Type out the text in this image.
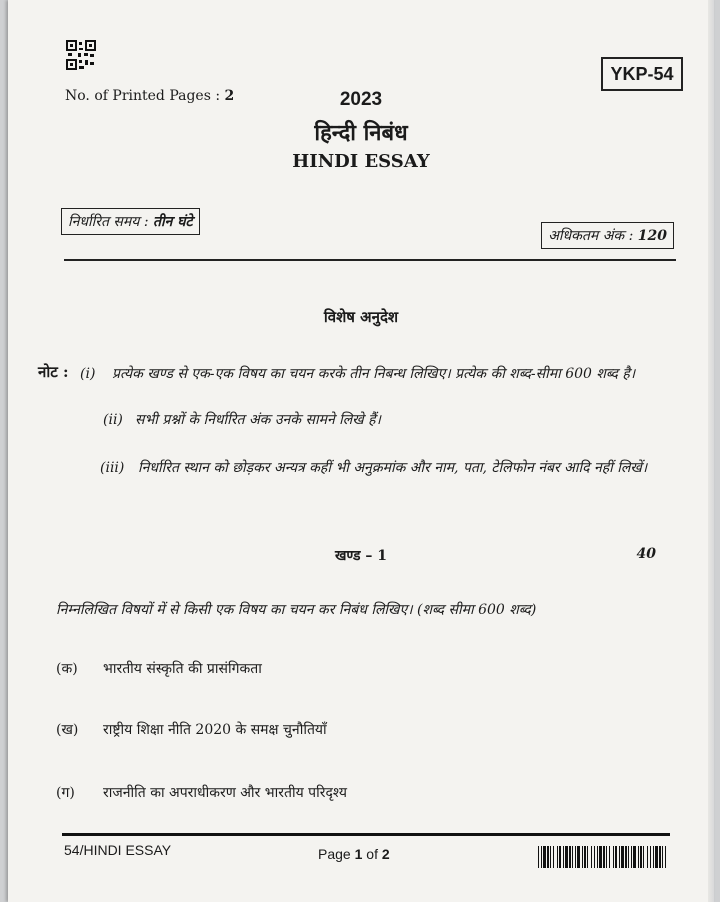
YKP-54
No. of Printed Pages : 2	2023
हिन्दी निबंध
HINDI ESSAY
निर्धारित समय : तीन घंटे
अधिकतम अंक : 120
विशेष अनुदेश
नोट : (i) प्रत्येक खण्ड से एक-एक विषय का चयन करके तीन निबन्ध लिखिए। प्रत्येक की शब्द-सीमा 600 शब्द है।
(ii) सभी प्रश्नों के निर्धारित अंक उनके सामने लिखे हैं।
(iii) निर्धारित स्थान को छोड़कर अन्यत्र कहीं भी अनुक्रमांक और नाम, पता, टेलिफोन नंबर आदि नहीं लिखें।
खण्ड – 1	40
निम्नलिखित विषयों में से किसी एक विषय का चयन कर निबंध लिखिए। (शब्द सीमा 600 शब्द)
(क) भारतीय संस्कृति की प्रासंगिकता
(ख) राष्ट्रीय शिक्षा नीति 2020 के समक्ष चुनौतियाँ
(ग) राजनीति का अपराधीकरण और भारतीय परिदृश्य
54/HINDI ESSAY	Page 1 of 2
